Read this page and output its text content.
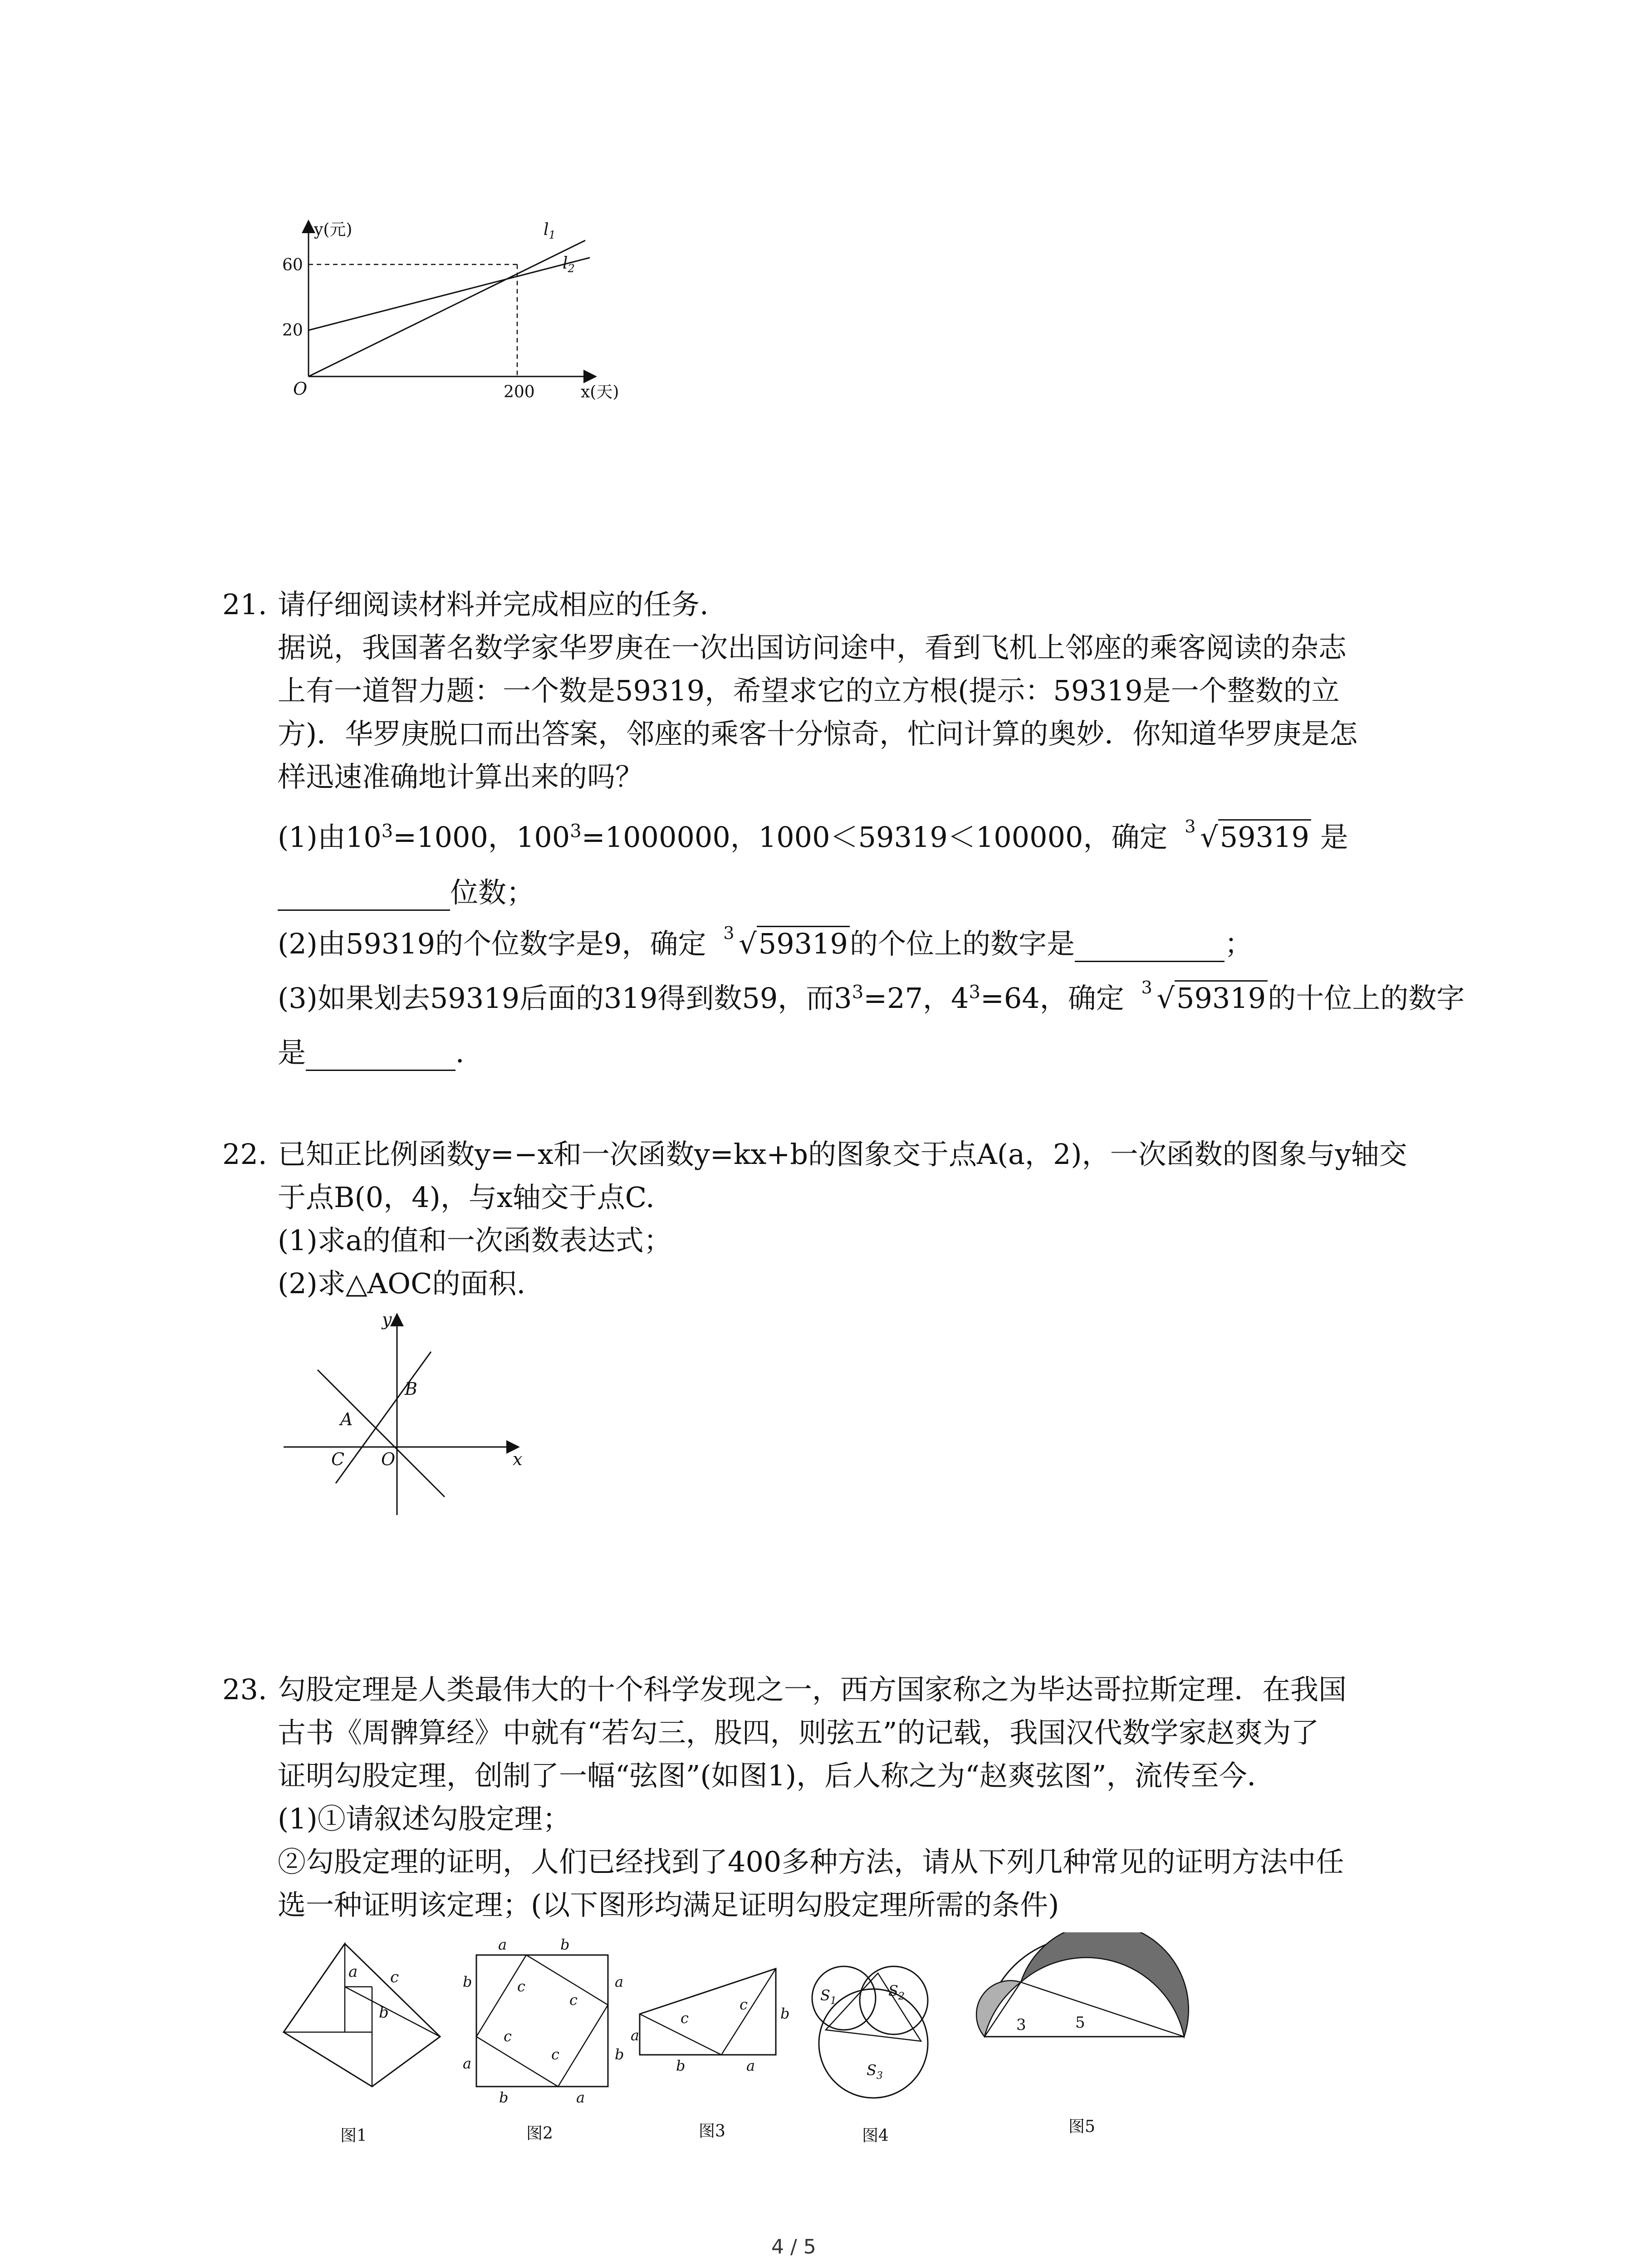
y(元)
60
20
O	200	x(天)
$l_1$
$l_2$
21. 请仔细阅读材料并完成相应的任务.
据说，我国著名数学家华罗庚在一次出国访问途中，看到飞机上邻座的乘客阅读的杂志
上有一道智力题：一个数是59319，希望求它的立方根(提示：59319是一个整数的立
方)．华罗庚脱口而出答案，邻座的乘客十分惊奇，忙问计算的奥妙．你知道华罗庚是怎
样迅速准确地计算出来的吗？
(1)由$10^3=1000$，$100^3=1000000$，1000＜59319＜100000，确定 3 √59319 是
位数；
(2)由59319的个位数字是9，确定 3 √59319的个位上的数字是	；
(3)如果划去59319后面的319得到数59，而$3^3=27$，$4^3=64$，确定 3 √59319的十位上的数字
是	．
22. 已知正比例函数y=−x和一次函数y=kx+b的图象交于点A(a，2)，一次函数的图象与y轴交
于点B(0，4)，与x轴交于点C.
(1)求a的值和一次函数表达式；
(2)求△AOC的面积.
y
x
B
A
C O
23. 勾股定理是人类最伟大的十个科学发现之一，西方国家称之为毕达哥拉斯定理．在我国
古书《周髀算经》中就有“若勾三，股四，则弦五”的记载，我国汉代数学家赵爽为了
证明勾股定理，创制了一幅“弦图”(如图1)，后人称之为“赵爽弦图”，流传至今．
(1)①请叙述勾股定理；
②勾股定理的证明，人们已经找到了400多种方法，请从下列几种常见的证明方法中任
选一种证明该定理；(以下图形均满足证明勾股定理所需的条件)
a c
b
图1
a	b
b	a
a
b
b	a
c
c
c
c
图2
a
b
c
c
b	a
图3
$S_1$
$S_2$
$S_3$
图4
3	5
图5
4 / 5
